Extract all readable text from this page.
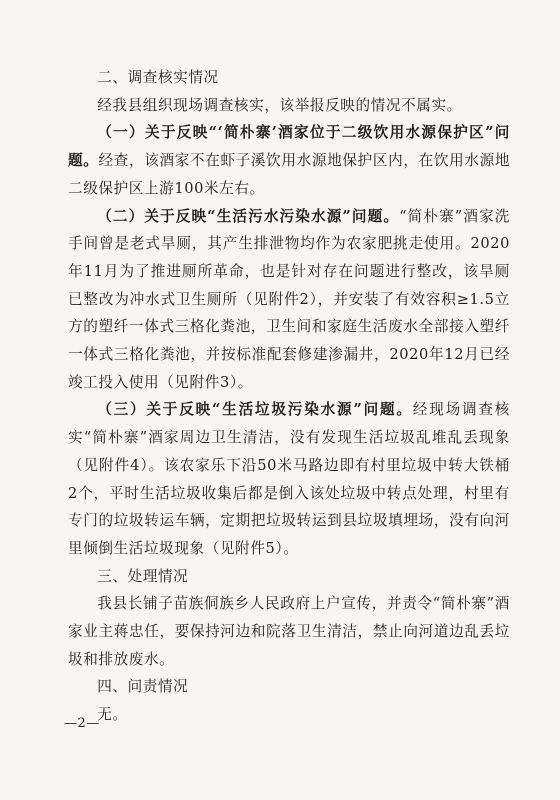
二、调查核实情况

经我县组织现场调查核实，该举报反映的情况不属实。

（一）关于反映“‘简朴寨’酒家位于二级饮用水源保护区”问题。经查，该酒家不在虾子溪饮用水源地保护区内，在饮用水源地二级保护区上游100米左右。

（二）关于反映“生活污水污染水源”问题。“简朴寨”酒家洗手间曾是老式旱厕，其产生排泄物均作为农家肥挑走使用。2020年11月为了推进厕所革命，也是针对存在问题进行整改，该旱厕已整改为冲水式卫生厕所（见附件2），并安装了有效容积≥1.5立方的塑纤一体式三格化粪池，卫生间和家庭生活废水全部接入塑纤一体式三格化粪池，并按标准配套修建渗漏井，2020年12月已经竣工投入使用（见附件3）。

（三）关于反映“生活垃圾污染水源”问题。经现场调查核实“简朴寨”酒家周边卫生清洁，没有发现生活垃圾乱堆乱丢现象（见附件4）。该农家乐下沿50米马路边即有村里垃圾中转大铁桶2个，平时生活垃圾收集后都是倒入该处垃圾中转点处理，村里有专门的垃圾转运车辆，定期把垃圾转运到县垃圾填埋场，没有向河里倾倒生活垃圾现象（见附件5）。

三、处理情况

我县长铺子苗族侗族乡人民政府上户宣传，并责令“简朴寨”酒家业主蒋忠任，要保持河边和院落卫生清洁，禁止向河道边乱丢垃圾和排放废水。

四、问责情况

无。

—2—
